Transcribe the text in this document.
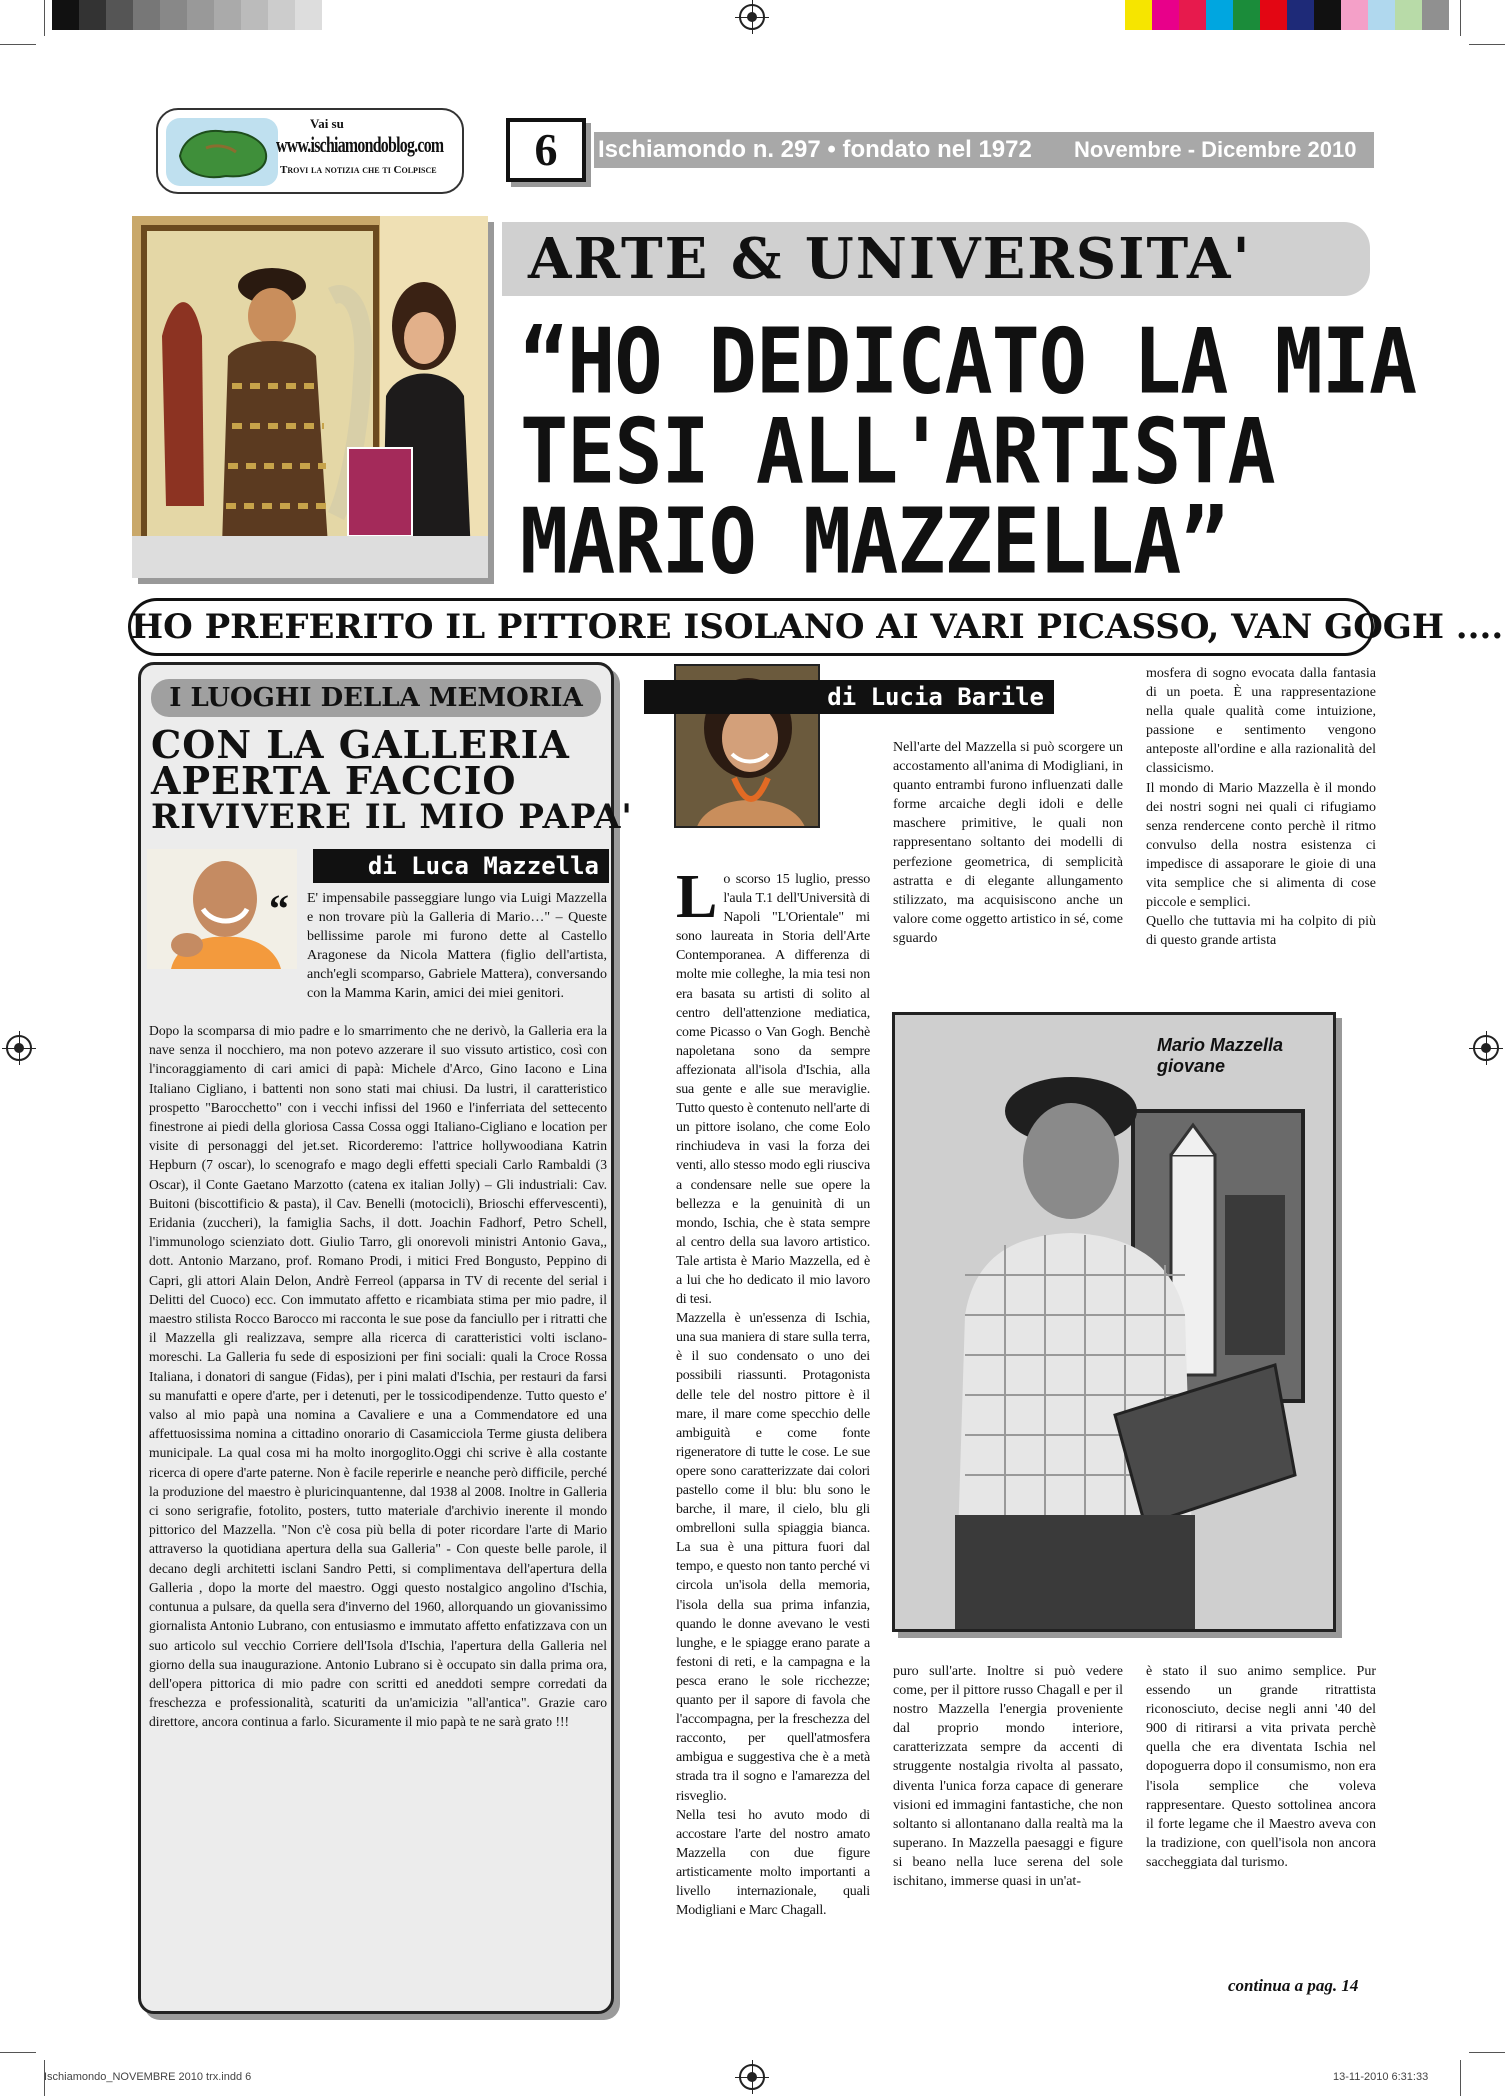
Vai su
www.ischiamondoblog.com
Trovi la notizia che ti Colpisce	6	Ischiamondo n. 297 • fondato nel 1972 Novembre - Dicembre 2010
ARTE & UNIVERSITA'
“HO DEDICATO LA MIA
TESI ALL'ARTISTA
MARIO MAZZELLA”
HO PREFERITO IL PITTORE ISOLANO AI VARI PICASSO, VAN GOGH ....
I LUOGHI DELLA MEMORIA
CON LA GALLERIA
APERTA FACCIO
RIVIVERE IL MIO PAPA'
di Luca Mazzella
“ E' impensabile passeggiare lungo via Luigi Mazzella e non trovare più la Galleria di Mario…" – Queste bellissime parole mi furono dette al Castello Aragonese da Nicola Mattera (figlio dell'artista, anch'egli scomparso, Gabriele Mattera), conversando con la Mamma Karin, amici dei miei genitori.
Dopo la scomparsa di mio padre e lo smarrimento che ne derivò, la Galleria era la nave senza il nocchiero, ma non potevo azzerare il suo vissuto artistico, così con l'incoraggiamento di cari amici di papà: Michele d'Arco, Gino Iacono e Lina Italiano Cigliano, i battenti non sono stati mai chiusi. Da lustri, il caratteristico prospetto "Barocchetto" con i vecchi infissi del 1960 e l'inferriata del settecento finestrone ai piedi della gloriosa Cassa Cossa oggi Italiano-Cigliano e location per visite di personaggi del jet.set. Ricorderemo: l'attrice hollywoodiana Katrin Hepburn (7 oscar), lo scenografo e mago degli effetti speciali Carlo Rambaldi (3 Oscar), il Conte Gaetano Marzotto (catena ex italian Jolly) – Gli industriali: Cav. Buitoni (biscottificio & pasta), il Cav. Benelli (motocicli), Brioschi effervescenti), Eridania (zuccheri), la famiglia Sachs, il dott. Joachin Fadhorf, Petro Schell, l'immunologo scienziato dott. Giulio Tarro, gli onorevoli ministri Antonio Gava,, dott. Antonio Marzano, prof. Romano Prodi, i mitici Fred Bongusto, Peppino di Capri, gli attori Alain Delon, Andrè Ferreol (apparsa in TV di recente del serial i Delitti del Cuoco) ecc. Con immutato affetto e ricambiata stima per mio padre, il maestro stilista Rocco Barocco mi racconta le sue pose da fanciullo per i ritratti che il Mazzella gli realizzava, sempre alla ricerca di caratteristici volti isclano-moreschi. La Galleria fu sede di esposizioni per fini sociali: quali la Croce Rossa Italiana, i donatori di sangue (Fidas), per i pini malati d'Ischia, per restauri da farsi su manufatti e opere d'arte, per i detenuti, per le tossicodipendenze. Tutto questo e' valso al mio papà una nomina a Cavaliere e una a Commendatore ed una affettuosissima nomina a cittadino onorario di Casamicciola Terme giusta delibera municipale. La qual cosa mi ha molto inorgoglito.Oggi chi scrive è alla costante ricerca di opere d'arte paterne. Non è facile reperirle e neanche però difficile, perché la produzione del maestro è pluricinquantenne, dal 1938 al 2008. Inoltre in Galleria ci sono serigrafie, fotolito, posters, tutto materiale d'archivio inerente il mondo pittorico del Mazzella. "Non c'è cosa più bella di poter ricordare l'arte di Mario attraverso la quotidiana apertura della sua Galleria" - Con queste belle parole, il decano degli architetti isclani Sandro Petti, si complimentava dell'apertura della Galleria , dopo la morte del maestro. Oggi questo nostalgico angolino d'Ischia, contunua a pulsare, da quella sera d'inverno del 1960, allorquando un giovanissimo giornalista Antonio Lubrano, con entusiasmo e immutato affetto enfatizzava con un suo articolo sul vecchio Corriere dell'Isola d'Ischia, l'apertura della Galleria nel giorno della sua inaugurazione. Antonio Lubrano si è occupato sin dalla prima ora, dell'opera pittorica di mio padre con scritti ed aneddoti sempre corredati da freschezza e professionalità, scaturiti da un'amicizia "all'antica". Grazie caro direttore, ancora continua a farlo. Sicuramente il mio papà te ne sarà grato !!!
di Lucia Barile
L o scorso 15 luglio, presso l'aula T.1 dell'Università di Napoli "L'Orientale" mi sono laureata in Storia dell'Arte Contemporanea. A differenza di molte mie colleghe, la mia tesi non era basata su artisti di solito al centro dell'attenzione mediatica, come Picasso o Van Gogh. Benchè napoletana sono da sempre affezionata all'isola d'Ischia, alla sua gente e alle sue meraviglie. Tutto questo è contenuto nell'arte di un pittore isolano, che come Eolo rinchiudeva in vasi la forza dei venti, allo stesso modo egli riusciva a condensare nelle sue opere la bellezza e la genuinità di un mondo, Ischia, che è stata sempre al centro della sua lavoro artistico. Tale artista è Mario Mazzella, ed è a lui che ho dedicato il mio lavoro di tesi.
Mazzella è un'essenza di Ischia, una sua maniera di stare sulla terra, è il suo condensato o uno dei possibili riassunti. Protagonista delle tele del nostro pittore è il mare, il mare come specchio delle ambiguità e come fonte rigeneratore di tutte le cose. Le sue opere sono caratterizzate dai colori pastello come il blu: blu sono le barche, il mare, il cielo, blu gli ombrelloni sulla spiaggia bianca. La sua è una pittura fuori dal tempo, e questo non tanto perché vi circola un'isola della memoria, l'isola della sua prima infanzia, quando le donne avevano le vesti lunghe, e le spiagge erano parate a festoni di reti, e la campagna e la pesca erano le sole ricchezze; quanto per il sapore di favola che l'accompagna, per la freschezza del racconto, per quell'atmosfera ambigua e suggestiva che è a metà strada tra il sogno e l'amarezza del risveglio.
Nella tesi ho avuto modo di accostare l'arte del nostro amato Mazzella con due figure artisticamente molto importanti a livello internazionale, quali Modigliani e Marc Chagall.
Nell'arte del Mazzella si può scorgere un accostamento all'anima di Modigliani, in quanto entrambi furono influenzati dalle forme arcaiche degli idoli e delle maschere primitive, le quali non rappresentano soltanto dei modelli di perfezione geometrica, di semplicità astratta e di elegante allungamento stilizzato, ma acquisiscono anche un valore come oggetto artistico in sé, come sguardo
mosfera di sogno evocata dalla fantasia di un poeta. È una rappresentazione nella quale qualità come intuizione, passione e sentimento vengono anteposte all'ordine e alla razionalità del classicismo.
Il mondo di Mario Mazzella è il mondo dei nostri sogni nei quali ci rifugiamo senza rendercene conto perchè il ritmo convulso della nostra esistenza ci impedisce di assaporare le gioie di una vita semplice che si alimenta di cose piccole e semplici.
Quello che tuttavia mi ha colpito di più di questo grande artista
Mario Mazzella giovane
puro sull'arte. Inoltre si può vedere come, per il pittore russo Chagall e per il nostro Mazzella l'energia proveniente dal proprio mondo interiore, caratterizzata sempre da accenti di struggente nostalgia rivolta al passato, diventa l'unica forza capace di generare visioni ed immagini fantastiche, che non soltanto si allontanano dalla realtà ma la superano. In Mazzella paesaggi e figure si beano nella luce serena del sole ischitano, immerse quasi in un'at-
è stato il suo animo semplice. Pur essendo un grande ritrattista riconosciuto, decise negli anni '40 del 900 di ritirarsi a vita privata perchè quella che era diventata Ischia nel dopoguerra dopo il consumismo, non era l'isola semplice che voleva rappresentare. Questo sottolinea ancora il forte legame che il Maestro aveva con la tradizione, con quell'isola non ancora saccheggiata dal turismo.
continua a pag. 14
Ischiamondo_NOVEMBRE 2010 trx.indd 6	13-11-2010 6:31:33
